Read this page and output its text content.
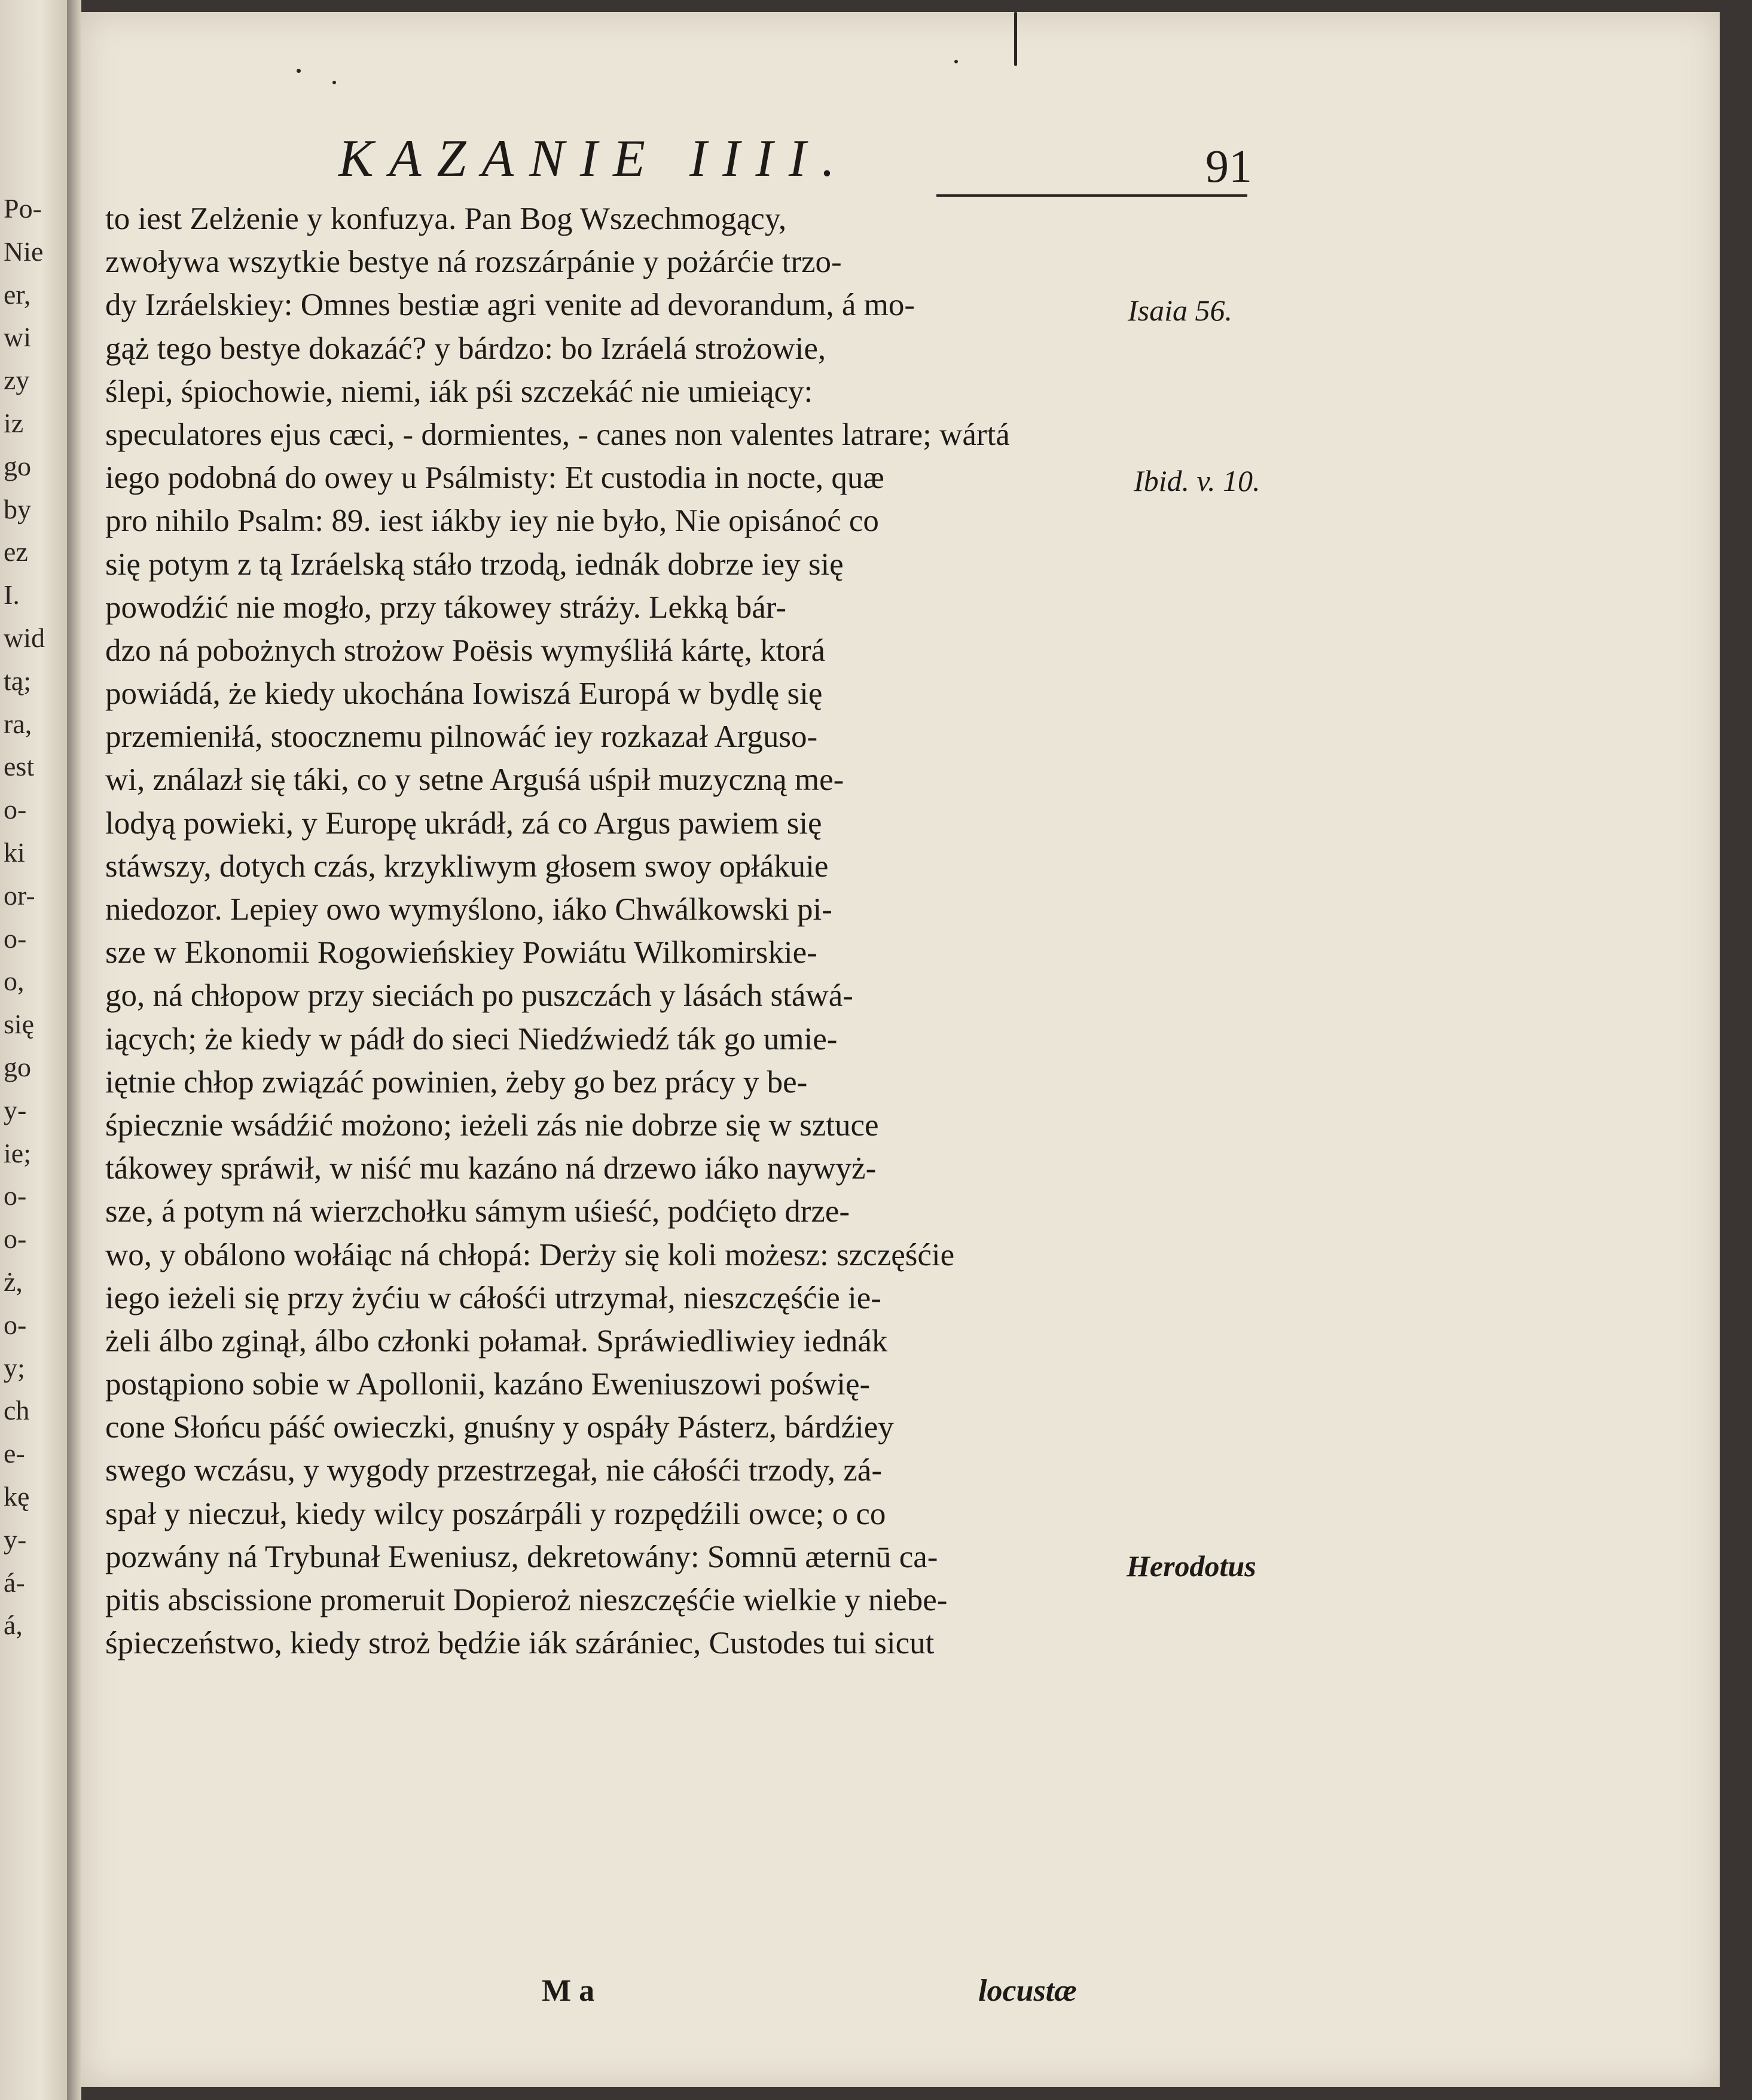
Po-
Nie
er,
wi
zy
iz
go
by
ez
I.
wid
tą;
ra,
est
o-
ki
or-
o-
o,
się
go
y-
ie;
o-
o-
ż,
o-
y;
ch
e-
kę
y-
á-
á,
KAZANIE IIII.	91
to iest Zelżenie y konfuzya. Pan Bog Wszechmogący,
zwoływa wszytkie bestye ná rozszárpánie y pożárćie trzo-
dy Izráelskiey: Omnes bestiæ agri venite ad devorandum, á mo-
gąż tego bestye dokazáć? y bárdzo: bo Izráelá strożowie,
ślepi, śpiochowie, niemi, iák pśi szczekáć nie umieiący:
speculatores ejus cæci, - dormientes, - canes non valentes latrare; wártá
iego podobná do owey u Psálmisty: Et custodia in nocte, quæ
pro nihilo Psalm: 89. iest iákby iey nie było, Nie opisánoć co
się potym z tą Izráelską stáło trzodą, iednák dobrze iey się
powodźić nie mogło, przy tákowey stráży. Lekką bár-
dzo ná pobożnych strożow Poësis wymyśliłá kártę, ktorá
powiádá, że kiedy ukochána Iowiszá Europá w bydlę się
przemieniłá, stoocznemu pilnowáć iey rozkazał Arguso-
wi, ználazł się táki, co y setne Arguśá uśpił muzyczną me-
lodyą powieki, y Europę ukrádł, zá co Argus pawiem się
stáwszy, dotych czás, krzykliwym głosem swoy opłákuie
niedozor. Lepiey owo wymyślono, iáko Chwálkowski pi-
sze w Ekonomii Rogowieńskiey Powiátu Wilkomirskie-
go, ná chłopow przy sieciách po puszczách y lásách stáwá-
iących; że kiedy w pádł do sieci Niedźwiedź ták go umie-
iętnie chłop związáć powinien, żeby go bez prácy y be-
śpiecznie wsádźić możono; ieżeli zás nie dobrze się w sztuce
tákowey spráwił, w niść mu kazáno ná drzewo iáko naywyż-
sze, á potym ná wierzchołku sámym uśieść, podćięto drze-
wo, y obálono wołáiąc ná chłopá: Derży się koli możesz: szczęśćie
iego ieżeli się przy żyćiu w cáłośći utrzymał, nieszczęśćie ie-
żeli álbo zginął, álbo członki połamał. Spráwiedliwiey iednák
postąpiono sobie w Apollonii, kazáno Eweniuszowi poświę-
cone Słońcu páść owieczki, gnuśny y ospáły Pásterz, bárdźiey
swego wczásu, y wygody przestrzegał, nie cáłośći trzody, zá-
spał y nieczuł, kiedy wilcy poszárpáli y rozpędźili owce; o co
pozwány ná Trybunał Eweniusz, dekretowány: Somnū æternū ca-
pitis abscissione promeruit Dopieroż nieszczęśćie wielkie y niebe-
śpieczeństwo, kiedy stroż będźie iák szárániec, Custodes tui sicut
Isaia 56.
Ibid. v. 10.
Herodotus
M a	locustæ
